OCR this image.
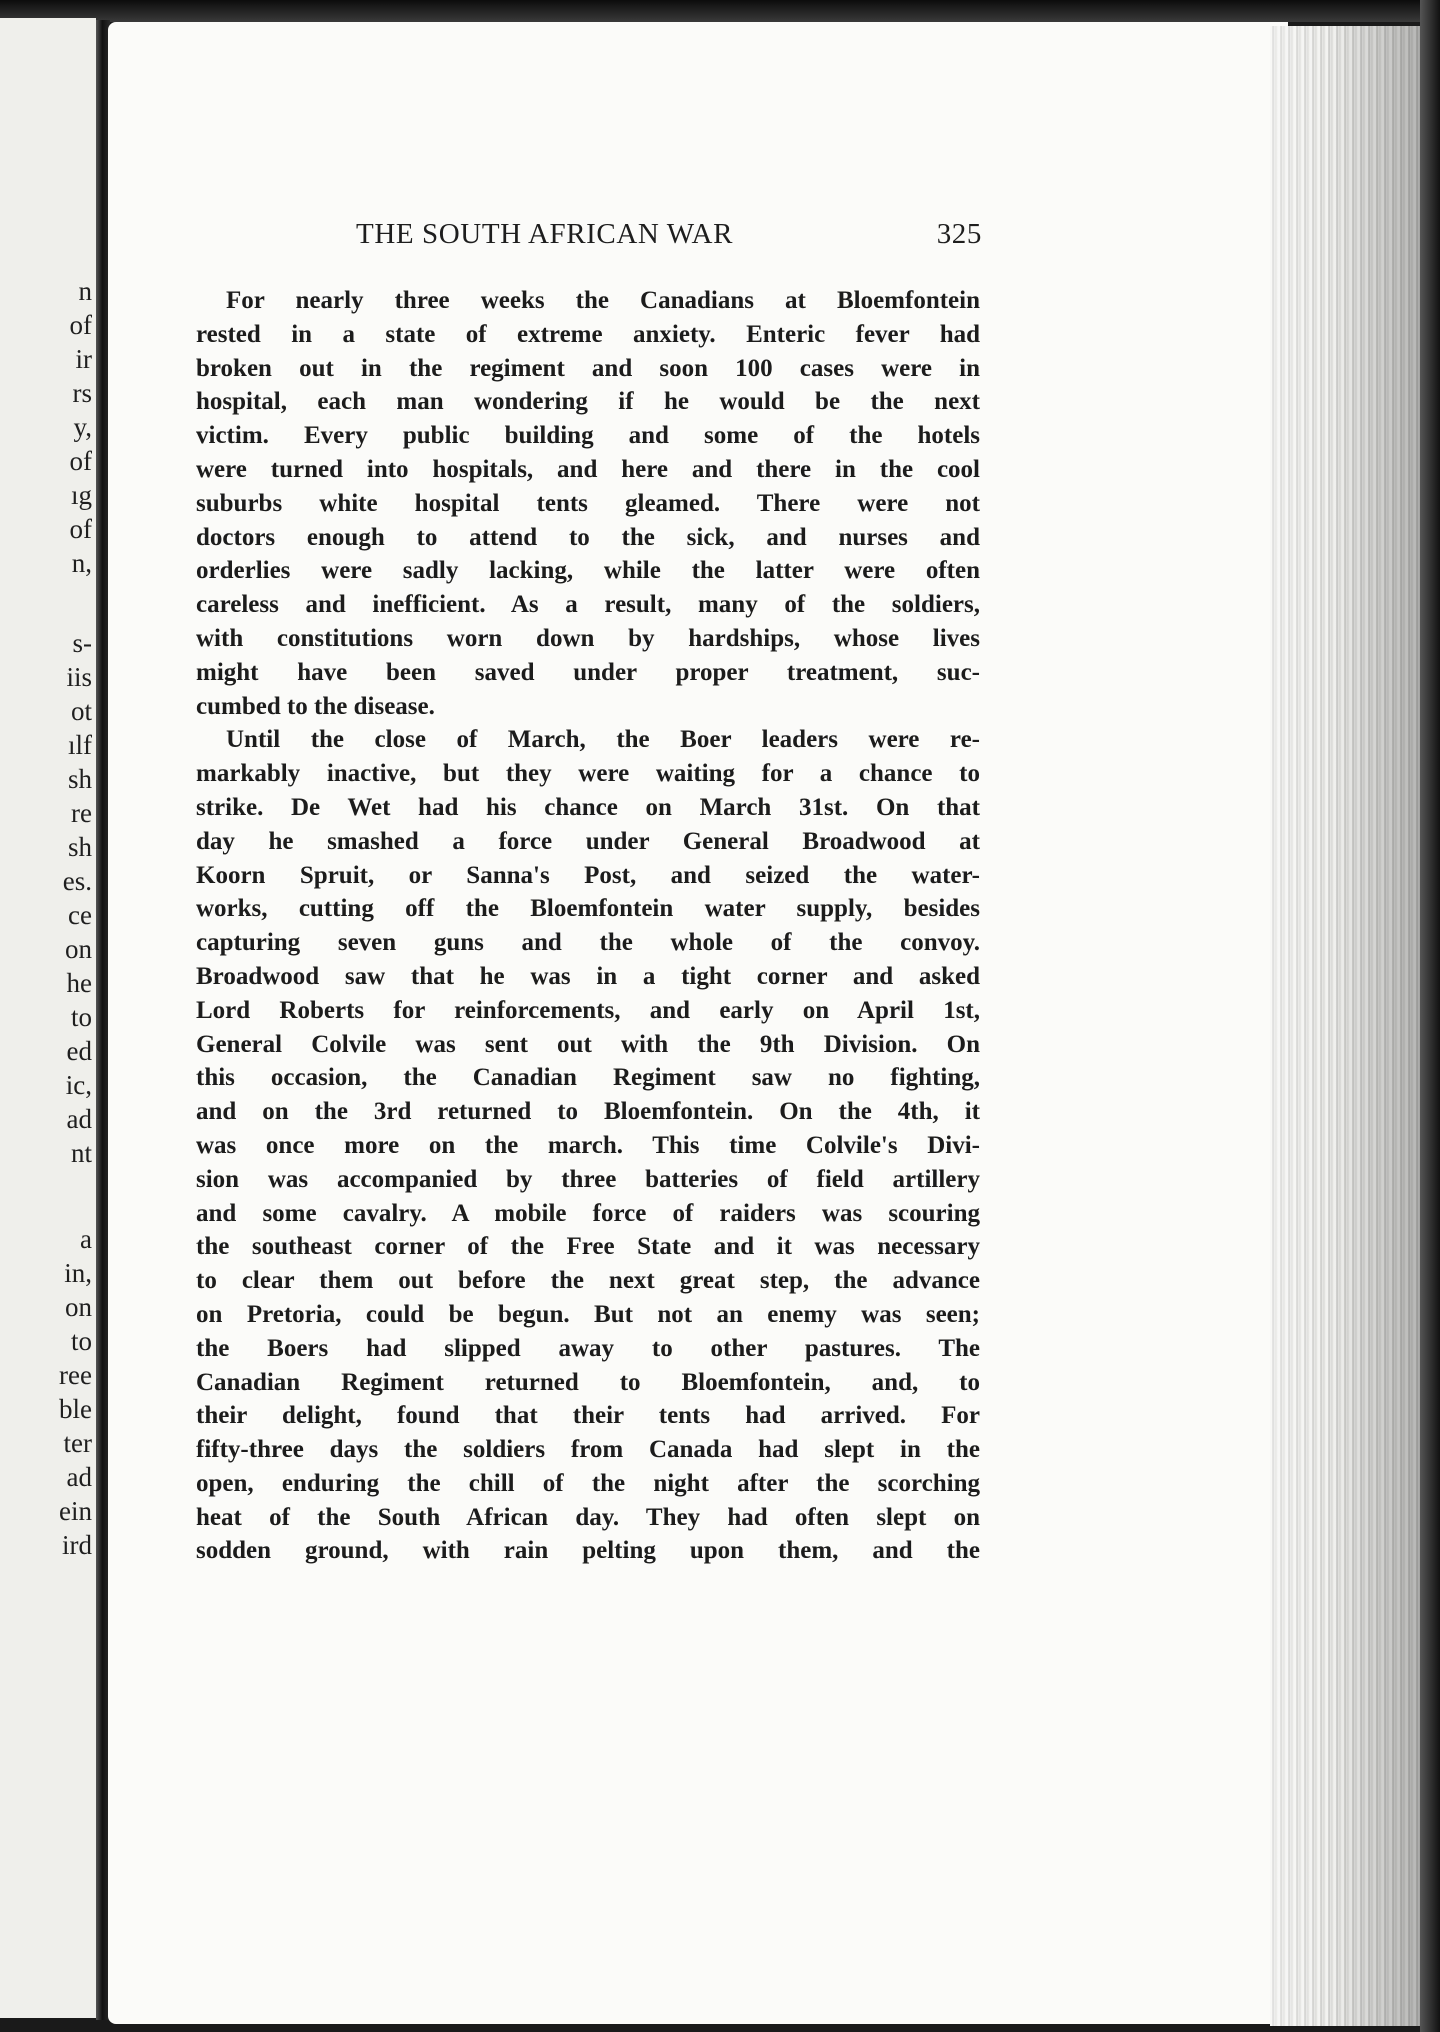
n

of

ir

rs

y,

of

ıg

of

n,

s-

iis

ot

ılf

sh

re

sh

es.

ce

on

he

to

ed

ic,

ad

nt

a

in,

on

to

ree

ble

ter

ad

ein

ird

THE SOUTH AFRICAN WAR	325
For nearly three weeks the Canadians at Bloemfontein
rested in a state of extreme anxiety. Enteric fever had
broken out in the regiment and soon 100 cases were in
hospital, each man wondering if he would be the next
victim. Every public building and some of the hotels
were turned into hospitals, and here and there in the cool
suburbs white hospital tents gleamed. There were not
doctors enough to attend to the sick, and nurses and
orderlies were sadly lacking, while the latter were often
careless and inefficient. As a result, many of the soldiers,
with constitutions worn down by hardships, whose lives
might have been saved under proper treatment, suc-
cumbed to the disease.
Until the close of March, the Boer leaders were re-
markably inactive, but they were waiting for a chance to
strike. De Wet had his chance on March 31st. On that
day he smashed a force under General Broadwood at
Koorn Spruit, or Sanna's Post, and seized the water-
works, cutting off the Bloemfontein water supply, besides
capturing seven guns and the whole of the convoy.
Broadwood saw that he was in a tight corner and asked
Lord Roberts for reinforcements, and early on April 1st,
General Colvile was sent out with the 9th Division. On
this occasion, the Canadian Regiment saw no fighting,
and on the 3rd returned to Bloemfontein. On the 4th, it
was once more on the march. This time Colvile's Divi-
sion was accompanied by three batteries of field artillery
and some cavalry. A mobile force of raiders was scouring
the southeast corner of the Free State and it was necessary
to clear them out before the next great step, the advance
on Pretoria, could be begun. But not an enemy was seen;
the Boers had slipped away to other pastures. The
Canadian Regiment returned to Bloemfontein, and, to
their delight, found that their tents had arrived. For
fifty-three days the soldiers from Canada had slept in the
open, enduring the chill of the night after the scorching
heat of the South African day. They had often slept on
sodden ground, with rain pelting upon them, and the
